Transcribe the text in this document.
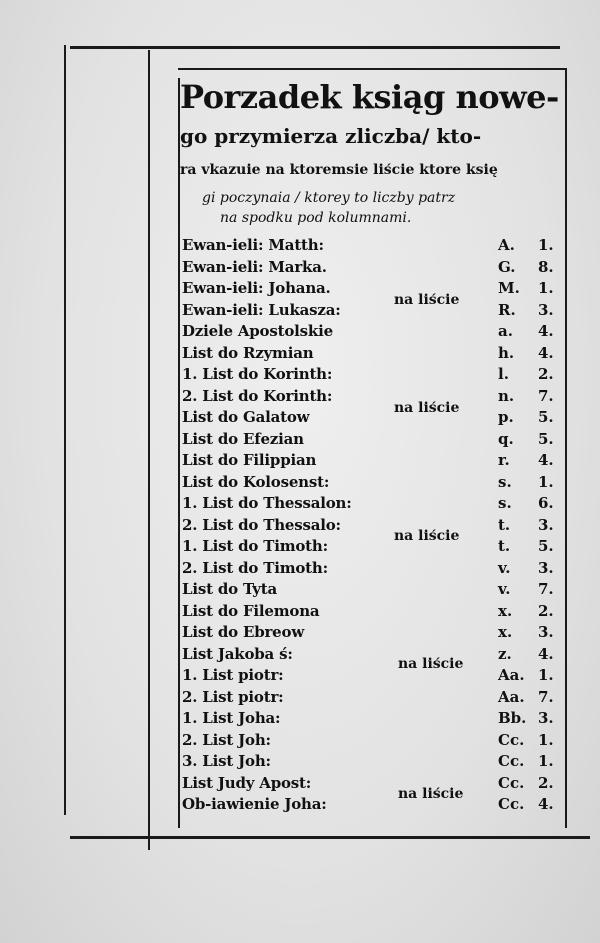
Porzadek ksiąg nowe-
go przymierza zliczba/ kto-
ra vkazuie na ktoremsie liście ktore księ
gi poczynaia / ktorey to liczby patrz
na spodku pod kolumnami.
na liście
na liście
na liście
na liście
na liście
Ewan-ieli: Matth:	A.	1.
Ewan-ieli: Marka.	G.	8.
Ewan-ieli: Johana.	M.	1.
Ewan-ieli: Lukasza:	R.	3.
Dziele Apostolskie	a.	4.
List do Rzymian	h.	4.
1. List do Korinth:	l.	2.
2. List do Korinth:	n.	7.
List do Galatow	p.	5.
List do Efezian	q.	5.
List do Filippian	r.	4.
List do Kolosenst:	s.	1.
1. List do Thessalon:	s.	6.
2. List do Thessalo:	t.	3.
1. List do Timoth:	t.	5.
2. List do Timoth:	v.	3.
List do Tyta	v.	7.
List do Filemona	x.	2.
List do Ebreow	x.	3.
List Jakoba ś:	z.	4.
1. List piotr:	Aa. 1.
2. List piotr:	Aa. 7.
1. List Joha:	Bb. 3.
2. List Joh:	Cc. 1.
3. List Joh:	Cc. 1.
List Judy Apost:	Cc. 2.
Ob-iawienie Joha:	Cc. 4.
